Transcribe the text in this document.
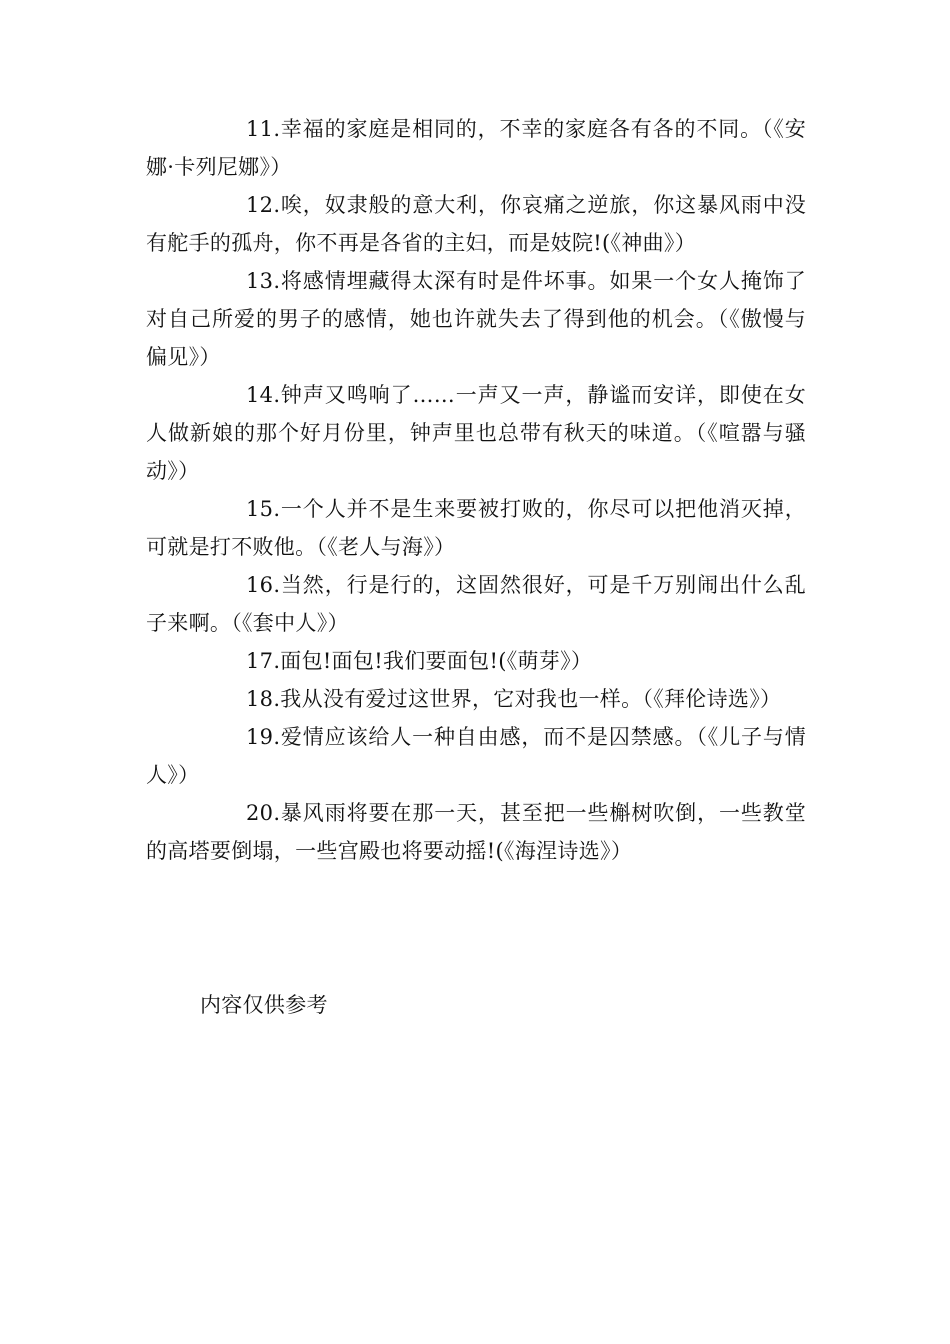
11.幸福的家庭是相同的，不幸的家庭各有各的不同。（《安娜·卡列尼娜》）

12.唉，奴隶般的意大利，你哀痛之逆旅，你这暴风雨中没有舵手的孤舟，你不再是各省的主妇，而是妓院!(《神曲》）

13.将感情埋藏得太深有时是件坏事。如果一个女人掩饰了对自己所爱的男子的感情，她也许就失去了得到他的机会。（《傲慢与偏见》）

14.钟声又鸣响了……一声又一声，静谧而安详，即使在女人做新娘的那个好月份里，钟声里也总带有秋天的味道。（《喧嚣与骚动》）

15.一个人并不是生来要被打败的，你尽可以把他消灭掉，可就是打不败他。（《老人与海》）

16.当然，行是行的，这固然很好，可是千万别闹出什么乱子来啊。（《套中人》）

17.面包!面包!我们要面包!(《萌芽》）

18.我从没有爱过这世界，它对我也一样。（《拜伦诗选》）

19.爱情应该给人一种自由感，而不是囚禁感。（《儿子与情人》）

20.暴风雨将要在那一天，甚至把一些槲树吹倒，一些教堂的高塔要倒塌，一些宫殿也将要动摇!(《海涅诗选》）

内容仅供参考
